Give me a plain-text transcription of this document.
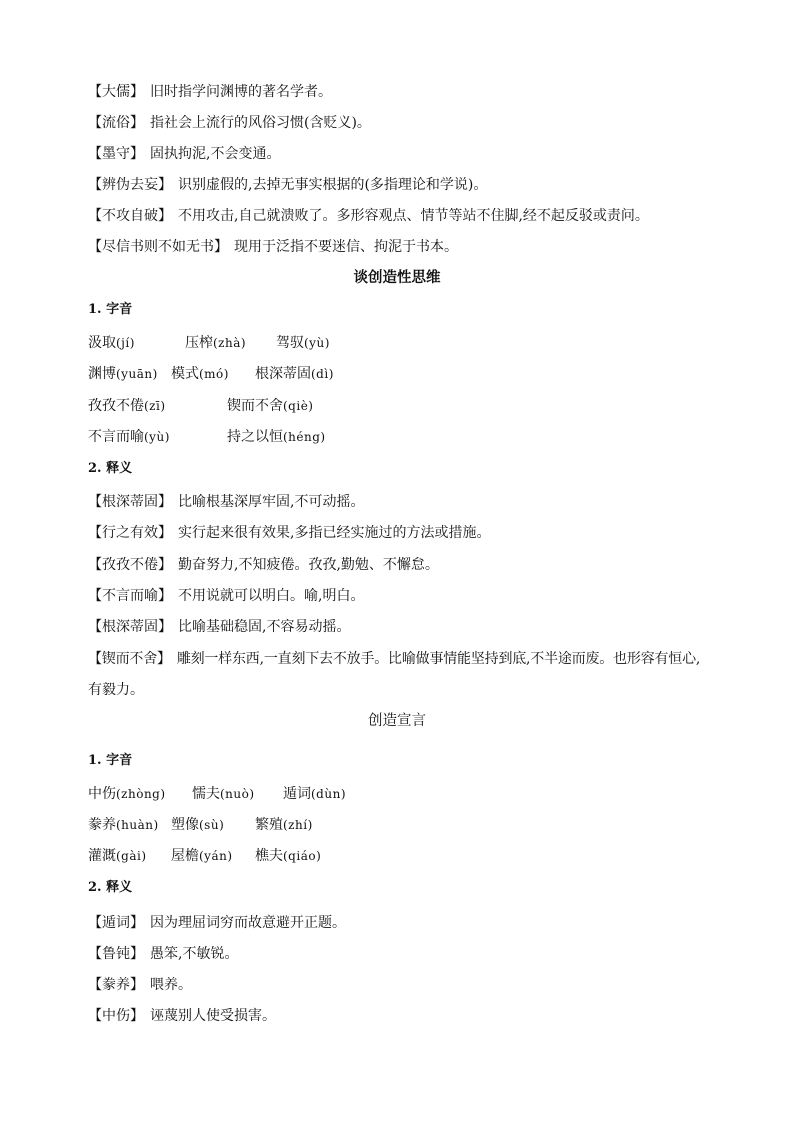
【大儒】 旧时指学问渊博的著名学者。
【流俗】 指社会上流行的风俗习惯(含贬义)。
【墨守】 固执拘泥,不会变通。
【辨伪去妄】 识别虚假的,去掉无事实根据的(多指理论和学说)。
【不攻自破】 不用攻击,自己就溃败了。多形容观点、情节等站不住脚,经不起反驳或责问。
【尽信书则不如无书】 现用于泛指不要迷信、拘泥于书本。
谈创造性思维
1. 字音
汲取(jí)	压榨(zhà) 驾驭(yù)
渊博(yuān) 模式(mó) 根深蒂固(dì)
孜孜不倦(zī)	锲而不舍(qiè)
不言而喻(yù)	持之以恒(héng)
2. 释义
【根深蒂固】 比喻根基深厚牢固,不可动摇。
【行之有效】 实行起来很有效果,多指已经实施过的方法或措施。
【孜孜不倦】 勤奋努力,不知疲倦。孜孜,勤勉、不懈怠。
【不言而喻】 不用说就可以明白。喻,明白。
【根深蒂固】 比喻基础稳固,不容易动摇。
【锲而不舍】 雕刻一样东西,一直刻下去不放手。比喻做事情能坚持到底,不半途而废。也形容有恒心,
有毅力。
创造宣言
1. 字音
中伤(zhòng) 懦夫(nuò) 遁词(dùn)
豢养(huàn) 塑像(sù) 繁殖(zhí)
灌溉(gài) 屋檐(yán) 樵夫(qiáo)
2. 释义
【遁词】 因为理屈词穷而故意避开正题。
【鲁钝】 愚笨,不敏锐。
【豢养】 喂养。
【中伤】 诬蔑别人使受损害。
